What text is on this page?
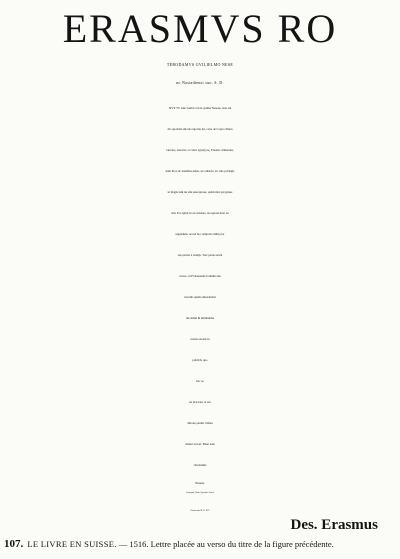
ERASMVS RO
TERODAMVS GVILIELMO NESE
no Nastadiensi suo. S. D.
SIVE TV istuc iudicio facis optime Nesene, siue stu
dio quodam amoris erga me tui, certe de Copia cōmen
tariolos, ante hac οὐ πάνυ ἐχαρίζους, Erasmo cōmendas,
dum illos sic laudibus uehis, sic edisicis, sic tuis prælegis
ut magis iam tui sint usucapione, quàm mei qui genue
rim. Eos igitur ita ut uolebas, recognoui inter na
uigandum, ne uel hoc temporis mihi pror
sus periret à studijs. Tuæ partes erunt
curare, ut Frobenianis formulis ma
iusculis quàm emendatissi
me simul & nitidissime
rursus exeant in
publicū, quo
hac sa
nè placeant, si eru
ditione parum cōmen
dantur lectori. Bene uale
charissime
Nesene.
Antuerpiæ, Nonis Septemb. Anno à
Christo nato M. D. XVI.
Des. Erasmus
107. LE LIVRE EN SUISSE. — 1516. Lettre placée au verso du titre de la figure précédente.
